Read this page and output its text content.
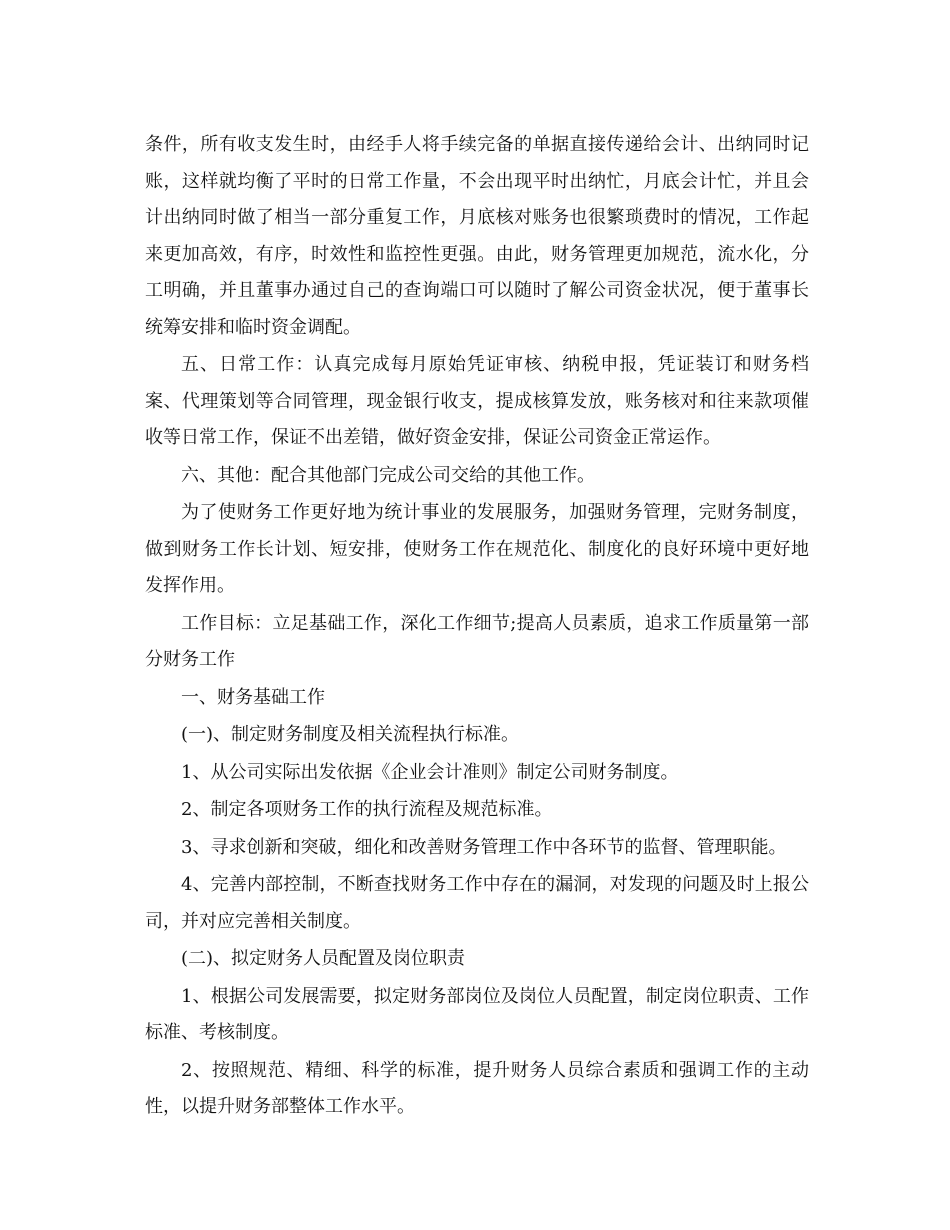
条件，所有收支发生时，由经手人将手续完备的单据直接传递给会计、出纳同时记账，这样就均衡了平时的日常工作量，不会出现平时出纳忙，月底会计忙，并且会计出纳同时做了相当一部分重复工作，月底核对账务也很繁琐费时的情况，工作起来更加高效，有序，时效性和监控性更强。由此，财务管理更加规范，流水化，分工明确，并且董事办通过自己的查询端口可以随时了解公司资金状况，便于董事长统筹安排和临时资金调配。

五、日常工作：认真完成每月原始凭证审核、纳税申报，凭证装订和财务档案、代理策划等合同管理，现金银行收支，提成核算发放，账务核对和往来款项催收等日常工作，保证不出差错，做好资金安排，保证公司资金正常运作。

六、其他：配合其他部门完成公司交给的其他工作。

为了使财务工作更好地为统计事业的发展服务，加强财务管理，完财务制度，做到财务工作长计划、短安排，使财务工作在规范化、制度化的良好环境中更好地发挥作用。

工作目标：立足基础工作，深化工作细节;提高人员素质，追求工作质量第一部分财务工作

一、财务基础工作

(一)、制定财务制度及相关流程执行标准。

1、从公司实际出发依据《企业会计准则》制定公司财务制度。

2、制定各项财务工作的执行流程及规范标准。

3、寻求创新和突破，细化和改善财务管理工作中各环节的监督、管理职能。

4、完善内部控制，不断查找财务工作中存在的漏洞，对发现的问题及时上报公司，并对应完善相关制度。

(二)、拟定财务人员配置及岗位职责

1、根据公司发展需要，拟定财务部岗位及岗位人员配置，制定岗位职责、工作标准、考核制度。

2、按照规范、精细、科学的标准，提升财务人员综合素质和强调工作的主动性，以提升财务部整体工作水平。
